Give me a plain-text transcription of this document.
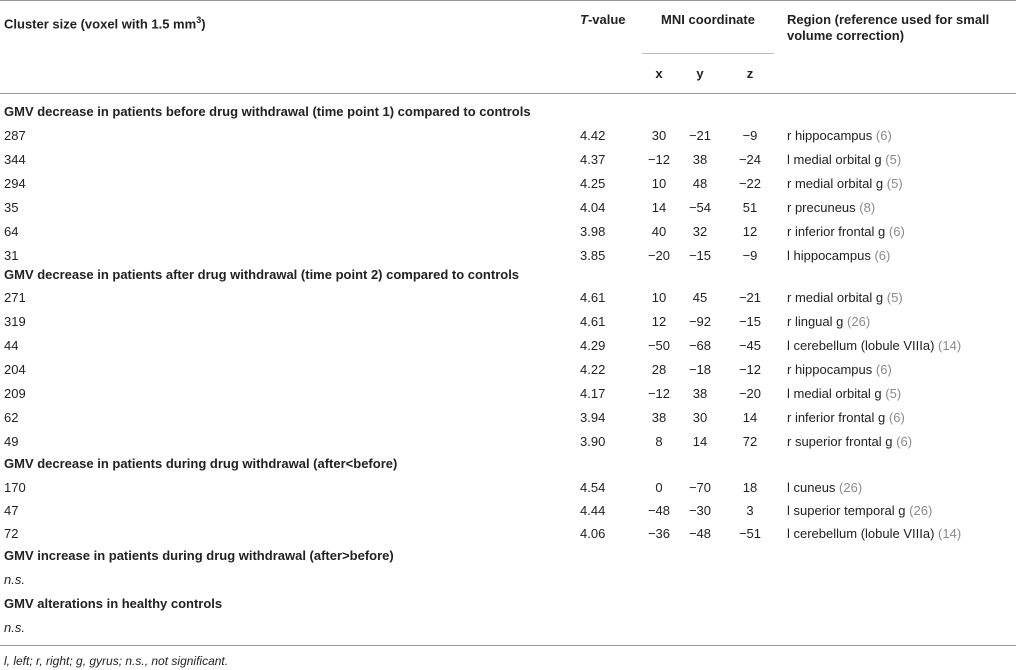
Cluster size (voxel with 1.5 $mm^3$)	T-value	MNI coordinate	Region (reference used for small
volume correction)
x	y	z
GMV decrease in patients before drug withdrawal (time point 1) compared to controls
287	4.42	30	−21	−9	r hippocampus (6)
344	4.37	−12	38	−24	l medial orbital g (5)
294	4.25	10	48	−22	r medial orbital g (5)
35	4.04	14	−54	51	r precuneus (8)
64	3.98	40	32	12	r inferior frontal g (6)
31	3.85	−20	−15	−9	l hippocampus (6)
GMV decrease in patients after drug withdrawal (time point 2) compared to controls
271	4.61	10	45	−21	r medial orbital g (5)
319	4.61	12	−92	−15	r lingual g (26)
44	4.29	−50	−68	−45	l cerebellum (lobule VIIIa) (14)
204	4.22	28	−18	−12	r hippocampus (6)
209	4.17	−12	38	−20	l medial orbital g (5)
62	3.94	38	30	14	r inferior frontal g (6)
49	3.90	8	14	72	r superior frontal g (6)
GMV decrease in patients during drug withdrawal (after<before)
170	4.54	0	−70	18	l cuneus (26)
47	4.44	−48	−30	3	l superior temporal g (26)
72	4.06	−36	−48	−51	l cerebellum (lobule VIIIa) (14)
GMV increase in patients during drug withdrawal (after>before)
n.s.
GMV alterations in healthy controls
n.s.
l, left; r, right; g, gyrus; n.s., not significant.
